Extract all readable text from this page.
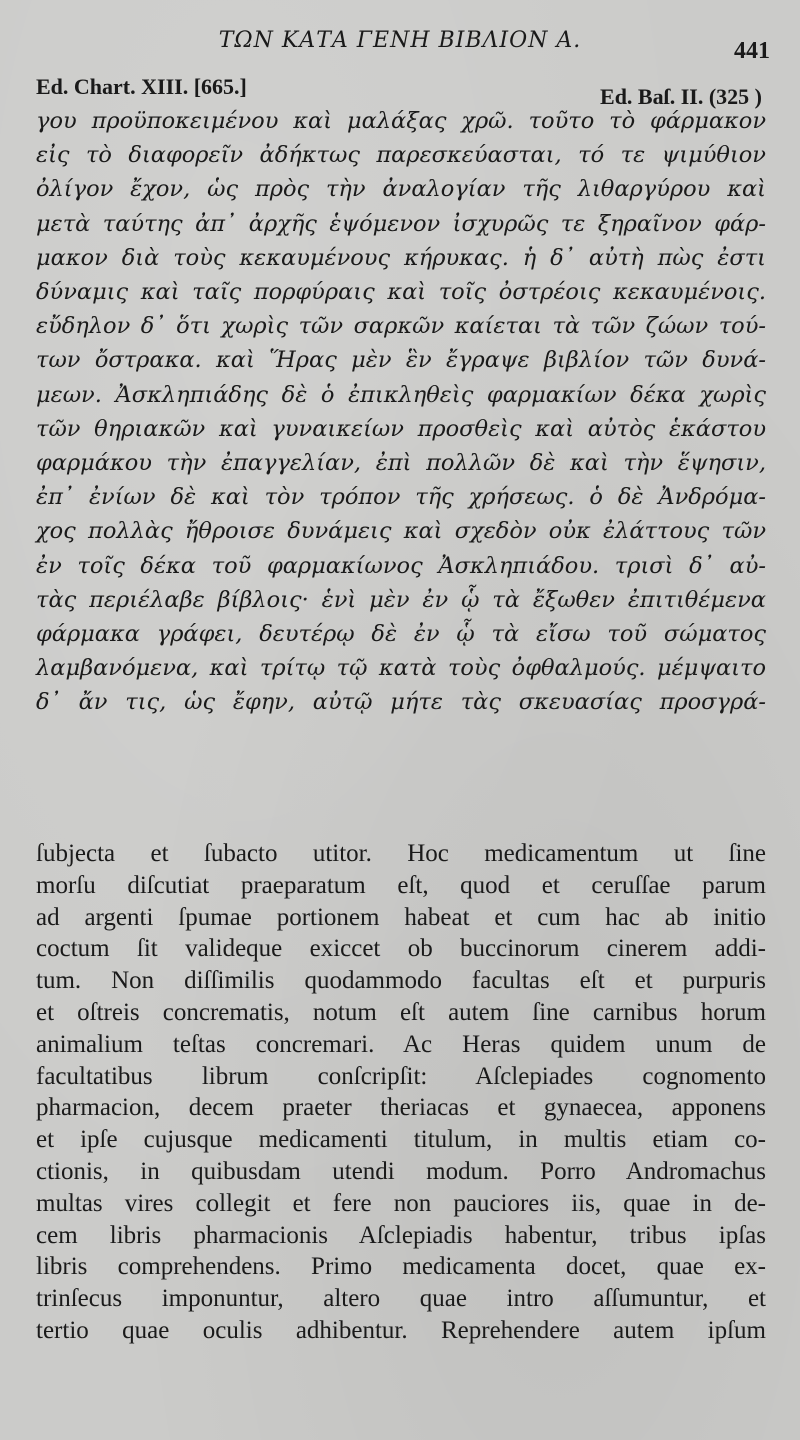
ΤΩΝ ΚΑΤΑ ΓΕΝΗ ΒΙΒΛΙΟΝ Α.	441
Ed. Chart. XIII. [665.]	Ed. Baſ. II. (325 )
γου προϋποκειμένου καὶ μαλάξας χρῶ. τοῦτο τὸ φάρμακον
εἰς τὸ διαφορεῖν ἀδήκτως παρεσκεύασται, τό τε ψιμύθιον
ὀλίγον ἔχον, ὡς πρὸς τὴν ἀναλογίαν τῆς λιθαργύρου καὶ
μετὰ ταύτης ἀπ᾽ ἀρχῆς ἑψόμενον ἰσχυρῶς τε ξηραῖνον φάρ-
μακον διὰ τοὺς κεκαυμένους κήρυκας. ἡ δ᾽ αὐτὴ πὼς ἐστι
δύναμις καὶ ταῖς πορφύραις καὶ τοῖς ὀστρέοις κεκαυμένοις.
εὔδηλον δ᾽ ὅτι χωρὶς τῶν σαρκῶν καίεται τὰ τῶν ζώων τού-
των ὄστρακα. καὶ Ἥρας μὲν ἓν ἔγραψε βιβλίον τῶν δυνά-
μεων. Ἀσκληπιάδης δὲ ὁ ἐπικληθεὶς φαρμακίων δέκα χωρὶς
τῶν θηριακῶν καὶ γυναικείων προσθεὶς καὶ αὐτὸς ἑκάστου
φαρμάκου τὴν ἐπαγγελίαν, ἐπὶ πολλῶν δὲ καὶ τὴν ἕψησιν,
ἐπ᾽ ἐνίων δὲ καὶ τὸν τρόπον τῆς χρήσεως. ὁ δὲ Ἀνδρόμα-
χος πολλὰς ἤθροισε δυνάμεις καὶ σχεδὸν οὐκ ἐλάττους τῶν
ἐν τοῖς δέκα τοῦ φαρμακίωνος Ἀσκληπιάδου. τρισὶ δ᾽ αὐ-
τὰς περιέλαβε βίβλοις· ἑνὶ μὲν ἐν ᾧ τὰ ἔξωθεν ἐπιτιθέμενα
φάρμακα γράφει, δευτέρῳ δὲ ἐν ᾧ τὰ εἴσω τοῦ σώματος
λαμβανόμενα, καὶ τρίτῳ τῷ κατὰ τοὺς ὀφθαλμούς. μέμψαιτο
δ᾽ ἄν τις, ὡς ἔφην, αὐτῷ μήτε τὰς σκευασίας προσγρά-
ſubjecta et ſubacto utitor. Hoc medicamentum ut ſine
morſu diſcutiat praeparatum eſt, quod et ceruſſae parum
ad argenti ſpumae portionem habeat et cum hac ab initio
coctum ſit valideque exiccet ob buccinorum cinerem addi-
tum. Non diſſimilis quodammodo facultas eſt et purpuris
et oſtreis concrematis, notum eſt autem ſine carnibus horum
animalium teſtas concremari. Ac Heras quidem unum de
facultatibus librum conſcripſit: Aſclepiades cognomento
pharmacion, decem praeter theriacas et gynaecea, apponens
et ipſe cujusque medicamenti titulum, in multis etiam co-
ctionis, in quibusdam utendi modum. Porro Andromachus
multas vires collegit et fere non pauciores iis, quae in de-
cem libris pharmacionis Aſclepiadis habentur, tribus ipſas
libris comprehendens. Primo medicamenta docet, quae ex-
trinſecus imponuntur, altero quae intro aſſumuntur, et
tertio quae oculis adhibentur. Reprehendere autem ipſum
